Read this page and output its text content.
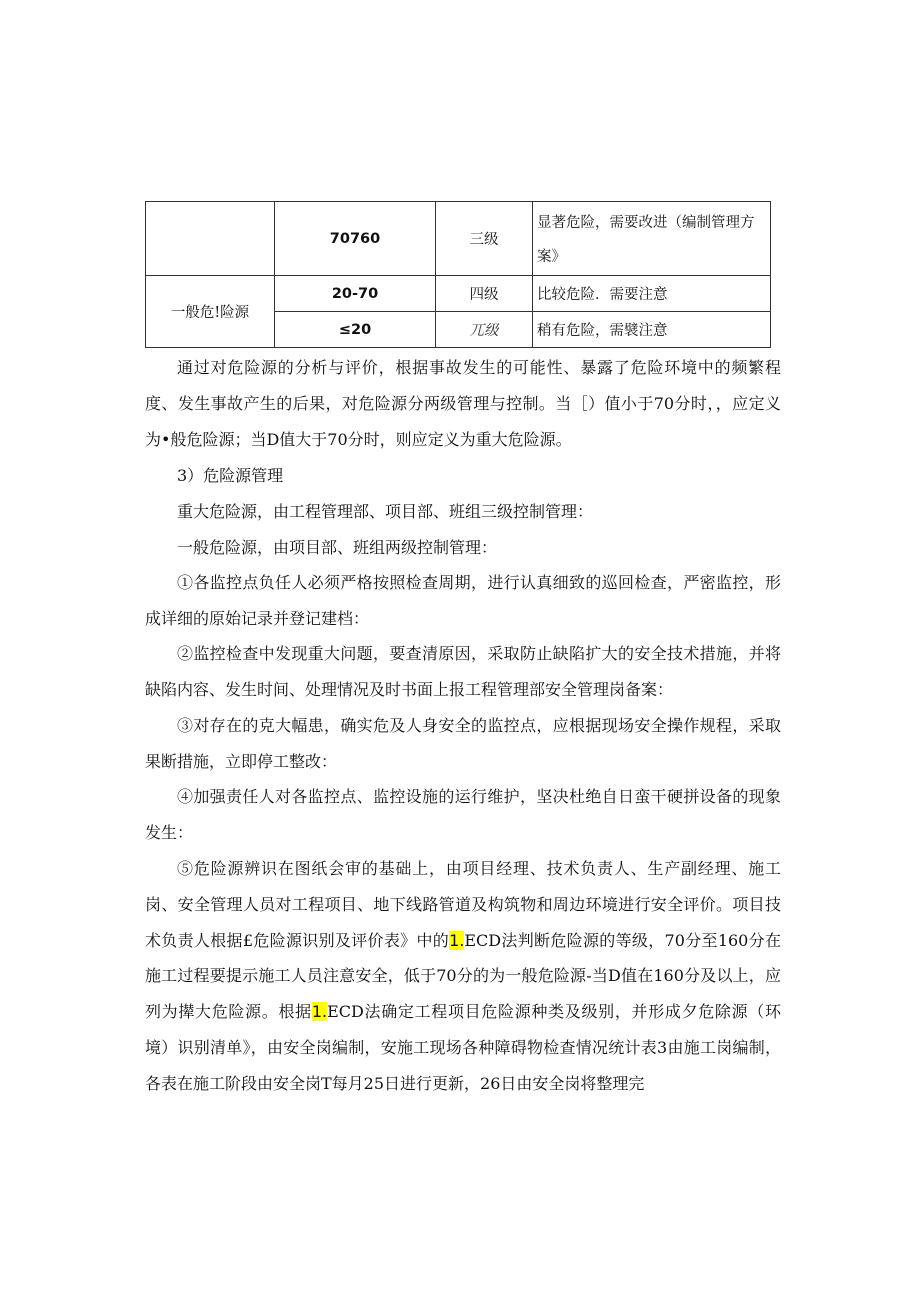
	70760	三级	显著危险，需要改进（编制管理方案》
一般危!险源	20-70	四级	比较危险．需要注意
	≤20	兀级	稍有危险，需襞注意

通过对危险源的分析与评价，根据事故发生的可能性、暴露了危险环境中的频繁程度、发生事故产生的后果，对危险源分两级管理与控制。当［）值小于70分时，，应定义为•般危险源；当D值大于70分时，则应定义为重大危险源。

3）危险源管理

重大危险源，由工程管理部、项目部、班组三级控制管理：

一般危险源，由项目部、班组两级控制管理：

①各监控点负任人必须严格按照检查周期，进行认真细致的巡回检查，严密监控，形成详细的原始记录并登记建档：

②监控检查中发现重大问题，要查清原因，采取防止缺陷扩大的安全技术措施，并将缺陷内容、发生时间、处理情况及时书面上报工程管理部安全管理岗备案：

③对存在的克大幅患，确实危及人身安全的监控点，应根据现场安全操作规程，采取果断措施，立即停工整改：

④加强责任人对各监控点、监控设施的运行维护，坚决杜绝自日蛮干硬拼设备的现象发生：

⑤危险源辨识在图纸会审的基础上，由项目经理、技术负责人、生产副经理、施工岗、安全管理人员对工程项目、地下线路管道及构筑物和周边环境进行安全评价。项目技术负责人根据£危险源识别及评价表》中的1.ECD法判断危险源的等级，70分至160分在施工过程要提示施工人员注意安全，低于70分的为一般危险源-当D值在160分及以上，应列为撵大危险源。根据1.ECD法确定工程项目危险源种类及级别，并形成夕危除源（环境）识别清单》，由安全岗编制，安施工现场各种障碍物检查情况统计表3由施工岗编制，各表在施工阶段由安全岗T每月25日进行更新，26日由安全岗将整理完
